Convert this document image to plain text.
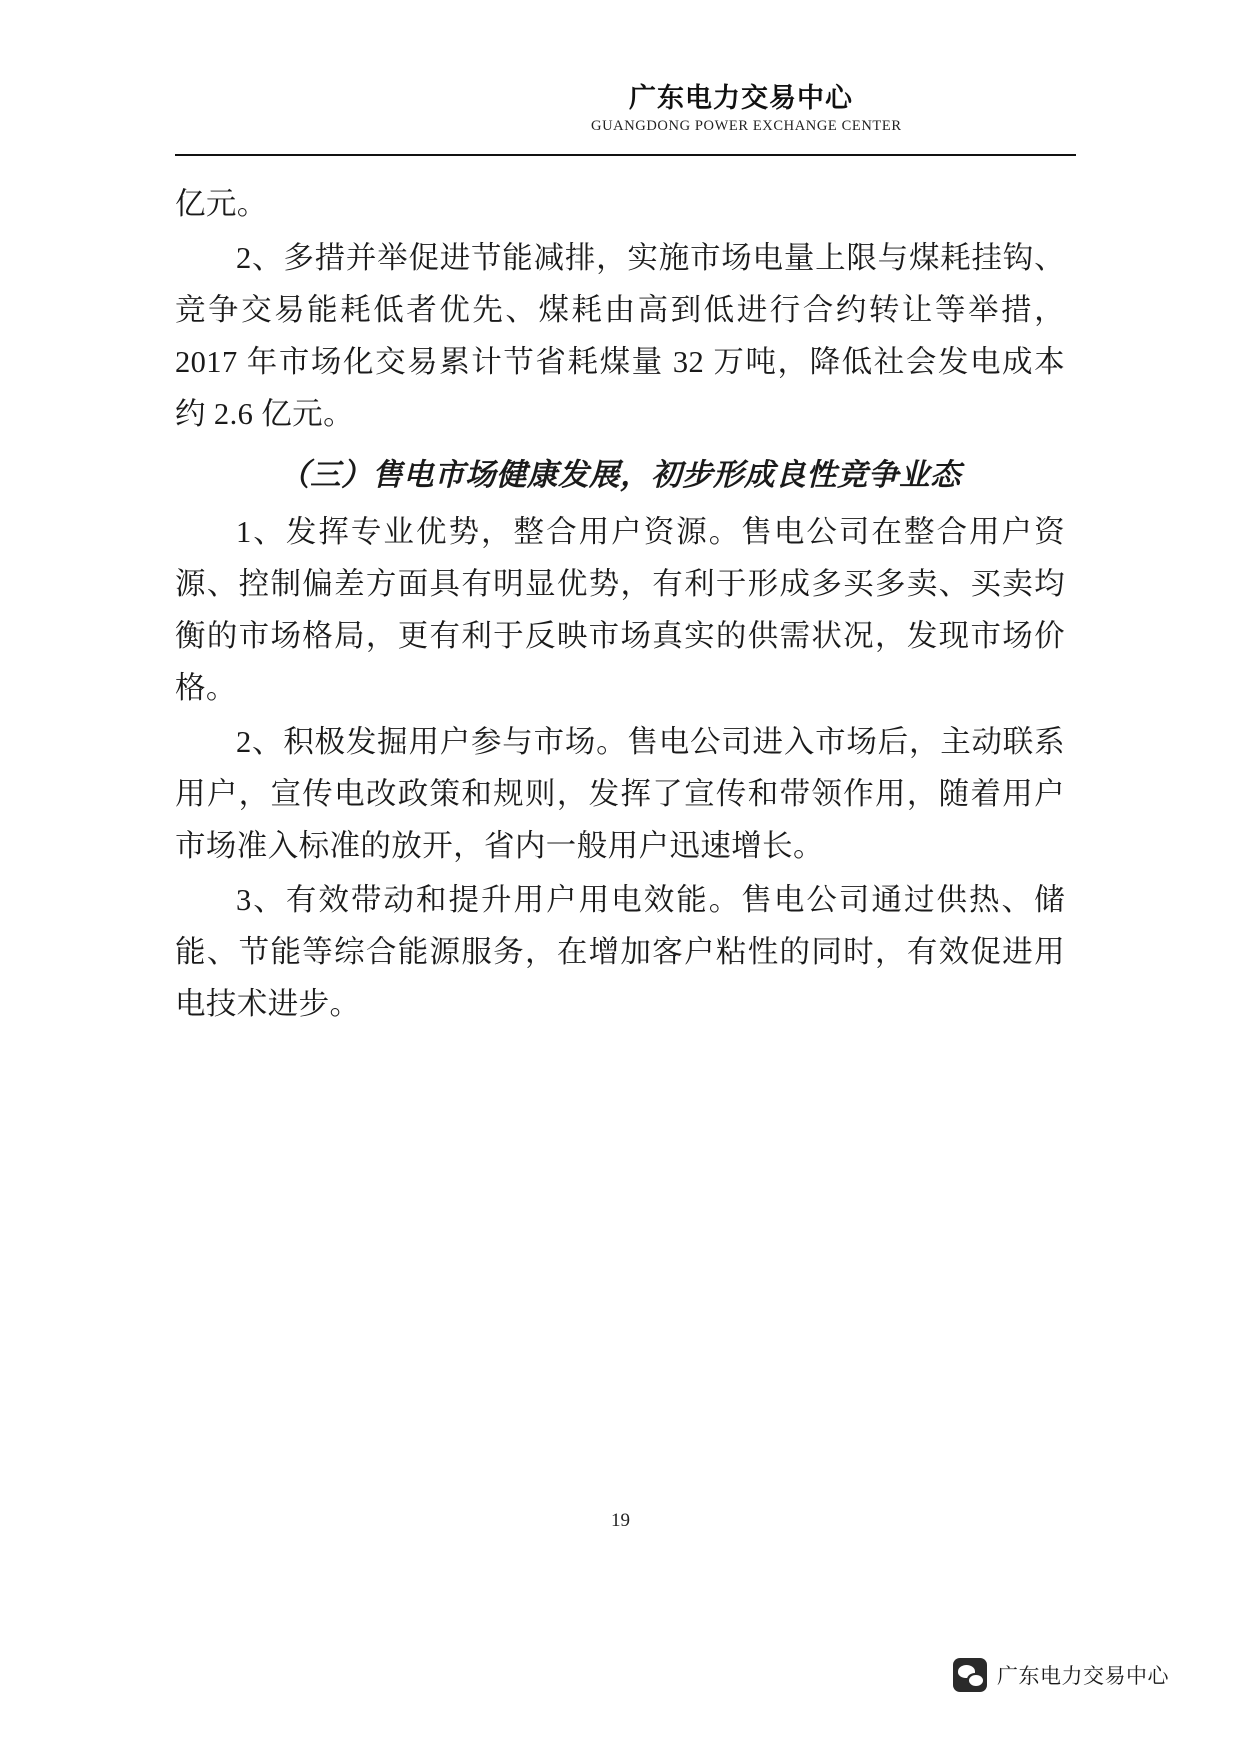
广东电力交易中心
GUANGDONG POWER EXCHANGE CENTER

亿元。

2、多措并举促进节能减排，实施市场电量上限与煤耗挂钩、竞争交易能耗低者优先、煤耗由高到低进行合约转让等举措，2017 年市场化交易累计节省耗煤量 32 万吨，降低社会发电成本约 2.6 亿元。

（三）售电市场健康发展，初步形成良性竞争业态

1、发挥专业优势，整合用户资源。售电公司在整合用户资源、控制偏差方面具有明显优势，有利于形成多买多卖、买卖均衡的市场格局，更有利于反映市场真实的供需状况，发现市场价格。

2、积极发掘用户参与市场。售电公司进入市场后，主动联系用户，宣传电改政策和规则，发挥了宣传和带领作用，随着用户市场准入标准的放开，省内一般用户迅速增长。

3、有效带动和提升用户用电效能。售电公司通过供热、储能、节能等综合能源服务，在增加客户粘性的同时，有效促进用电技术进步。

19
广东电力交易中心
